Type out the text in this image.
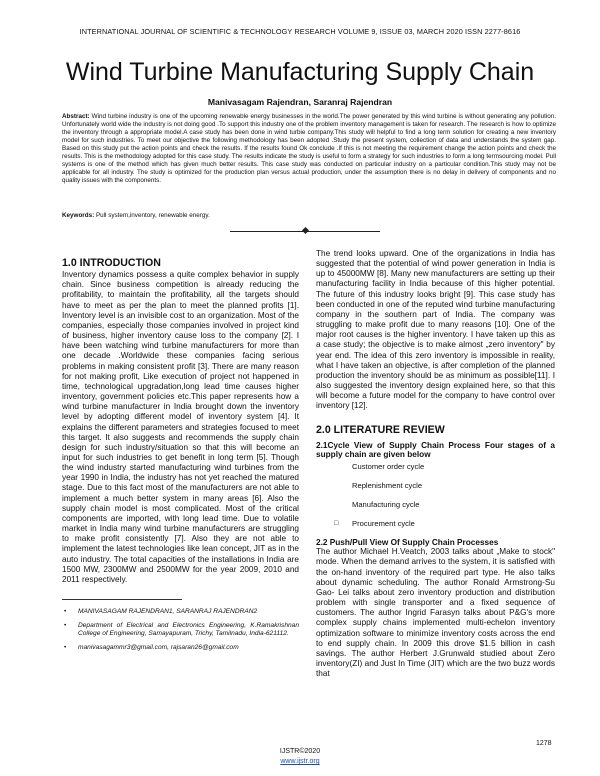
INTERNATIONAL JOURNAL OF SCIENTIFIC & TECHNOLOGY RESEARCH VOLUME 9, ISSUE 03, MARCH 2020 ISSN 2277-8616
Wind Turbine Manufacturing Supply Chain
Manivasagam Rajendran, Saranraj Rajendran
Abstract: Wind turbine industry is one of the upcoming renewable energy businesses in the world.The power generated by this wind turbine is without generating any pollution. Unfortunately world wide the industry is not doing good .To support this industry one of the problem inventory management is taken for research. The research is how to optimize the inventory through a appropriate model.A case study has been done in wind turbie company.This study will helpful to find a long term solution for creating a new inventory model for such industries. To meet our objective the following methodology has been adopted .Study the present system, collection of data and understands the system gap. Based on this study put the action points and check the results. If the results found Ok conclude .If this is not meeting the requirement change the action points and check the results. This is the methodology adopted for this case study. The results indicate the study is useful to form a strategy for such industries to form a long termsourcing model. Pull systems is one of the method which has given much better results. This case study was conducted on particular industry on a particular condition.This study may not be applicable for all industry. The study is optimized for the production plan versus actual production, under the assumption there is no delay in delivery of components and no quality issues with the components.
Keywords: Pull system,inventory, renewable energy.
1.0 INTRODUCTION

Inventory dynamics possess a quite complex behavior in supply chain. Since business competition is already reducing the profitability, to maintain the profitability, all the targets should have to meet as per the plan to meet the planned profits [1]. Inventory level is an invisible cost to an organization. Most of the companies, especially those companies involved in project kind of business, higher inventory cause loss to the company [2]. I have been watching wind turbine manufacturers for more than one decade .Worldwide these companies facing serious problems in making consistent profit [3]. There are many reason for not making profit, Like execution of project not happened in time, technological upgradation,long lead time causes higher inventory, government policies etc.This paper represents how a wind turbine manufacturer in India brought down the inventory level by adopting different model of inventory system [4]. It explains the different parameters and strategies focused to meet this target. It also suggests and recommends the supply chain design for such industry/situation so that this will become an input for such industries to get benefit in long term [5]. Though the wind industry started manufacturing wind turbines from the year 1990 in India, the industry has not yet reached the matured stage. Due to this fact most of the manufacturers are not able to implement a much better system in many areas [6]. Also the supply chain model is most complicated. Most of the critical components are imported, with long lead time. Due to volatile market in India many wind turbine manufacturers are struggling to make profit consistently [7]. Also they are not able to implement the latest technologies like lean concept, JIT as in the auto industry. The total capacities of the installations in India are 1500 MW, 2300MW and 2500MW for the year 2009, 2010 and 2011 respectively.

• MANIVASAGAM RAJENDRAN1, SARANRAJ RAJENDRAN2
• Department of Electrical and Electronics Engineering, K.Ramakrishnan College of Engineering, Samayapuram, Trichy, Tamilnadu, India-621112.
• manivasagammr3@gmail.com, rajsaran26@gmail.com

The trend looks upward. One of the organizations in India has suggested that the potential of wind power generation in India is up to 45000MW [8]. Many new manufacturers are setting up their manufacturing facility in India because of this higher potential. The future of this industry looks bright [9]. This case study has been conducted in one of the reputed wind turbine manufacturing company in the southern part of India. The company was struggling to make profit due to many reasons [10]. One of the major root causes is the higher inventory. I have taken up this as a case study; the objective is to make almost „zero inventory" by year end. The idea of this zero inventory is impossible in reality, what I have taken an objective, is after completion of the planned production the inventory should be as minimum as possible[11]. I also suggested the inventory design explained here, so that this will become a future model for the company to have control over inventory [12].

2.0 LITERATURE REVIEW
2.1Cycle View of Supply Chain Process Four stages of a supply chain are given below
Customer order cycle
Replenishment cycle
Manufacturing cycle
□ Procurement cycle
2.2 Push/Pull View Of Supply Chain Processes

The author Michael H.Veatch, 2003 talks about „Make to stock" mode. When the demand arrives to the system, it is satisfied with the on-hand inventory of the required part type. He also talks about dynamic scheduling. The author Ronald Armstrong-Su Gao- Lei talks about zero inventory production and distribution problem with single transporter and a fixed sequence of customers. The author Ingrid Farasyn talks about P&G's more complex supply chains implemented multi-echelon inventory optimization software to minimize inventory costs across the end to end supply chain. In 2009 this drove $1.5 billion in cash savings. The author Herbert J.Grunwald studied about Zero inventory(ZI) and Just In Time (JIT) which are the two buzz words that

1278
IJSTR©2020
www.ijstr.org
